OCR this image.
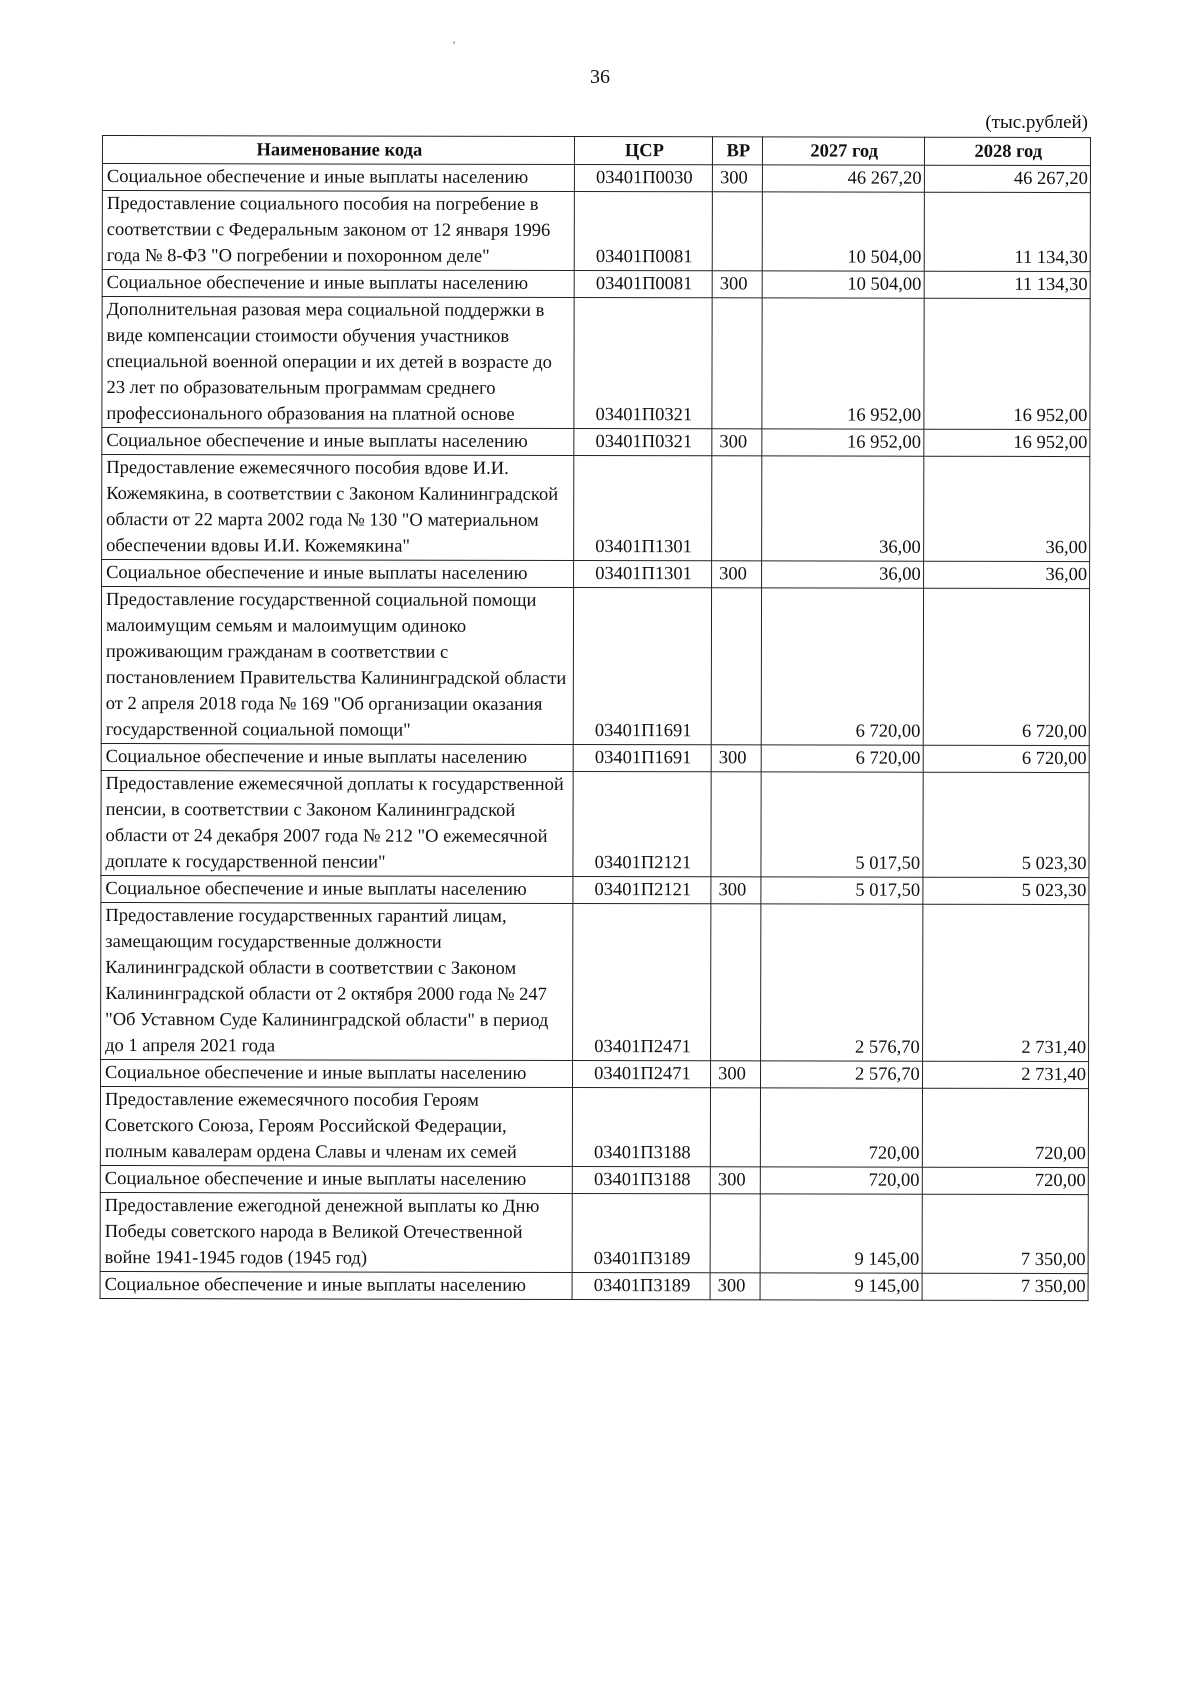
36
(тыс.рублей)
Наименование кода	ЦСР	ВР	2027 год	2028 год
Социальное обеспечение и иные выплаты населению	03401П0030	300	46 267,20	46 267,20
Предоставление социального пособия на погребение в соответствии с Федеральным законом от 12 января 1996 года № 8-ФЗ "О погребении и похоронном деле"	03401П0081		10 504,00	11 134,30
Социальное обеспечение и иные выплаты населению	03401П0081	300	10 504,00	11 134,30
Дополнительная разовая мера социальной поддержки в виде компенсации стоимости обучения участников специальной военной операции и их детей в возрасте до 23 лет по образовательным программам среднего профессионального образования на платной основе	03401П0321		16 952,00	16 952,00
Социальное обеспечение и иные выплаты населению	03401П0321	300	16 952,00	16 952,00
Предоставление ежемесячного пособия вдове И.И. Кожемякина, в соответствии с Законом Калининградской области от 22 марта 2002 года № 130 "О материальном обеспечении вдовы И.И. Кожемякина"	03401П1301		36,00	36,00
Социальное обеспечение и иные выплаты населению	03401П1301	300	36,00	36,00
Предоставление государственной социальной помощи малоимущим семьям и малоимущим одиноко проживающим гражданам в соответствии с постановлением Правительства Калининградской области от 2 апреля 2018 года № 169 "Об организации оказания государственной социальной помощи"	03401П1691		6 720,00	6 720,00
Социальное обеспечение и иные выплаты населению	03401П1691	300	6 720,00	6 720,00
Предоставление ежемесячной доплаты к государственной пенсии, в соответствии с Законом Калининградской области от 24 декабря 2007 года № 212 "О ежемесячной доплате к государственной пенсии"	03401П2121		5 017,50	5 023,30
Социальное обеспечение и иные выплаты населению	03401П2121	300	5 017,50	5 023,30
Предоставление государственных гарантий лицам, замещающим государственные должности Калининградской области в соответствии с Законом Калининградской области от 2 октября 2000 года № 247 "Об Уставном Суде Калининградской области" в период до 1 апреля 2021 года	03401П2471		2 576,70	2 731,40
Социальное обеспечение и иные выплаты населению	03401П2471	300	2 576,70	2 731,40
Предоставление ежемесячного пособия Героям Советского Союза, Героям Российской Федерации, полным кавалерам ордена Славы и членам их семей	03401П3188		720,00	720,00
Социальное обеспечение и иные выплаты населению	03401П3188	300	720,00	720,00
Предоставление ежегодной денежной выплаты ко Дню Победы советского народа в Великой Отечественной войне 1941-1945 годов (1945 год)	03401П3189		9 145,00	7 350,00
Социальное обеспечение и иные выплаты населению	03401П3189	300	9 145,00	7 350,00
'
